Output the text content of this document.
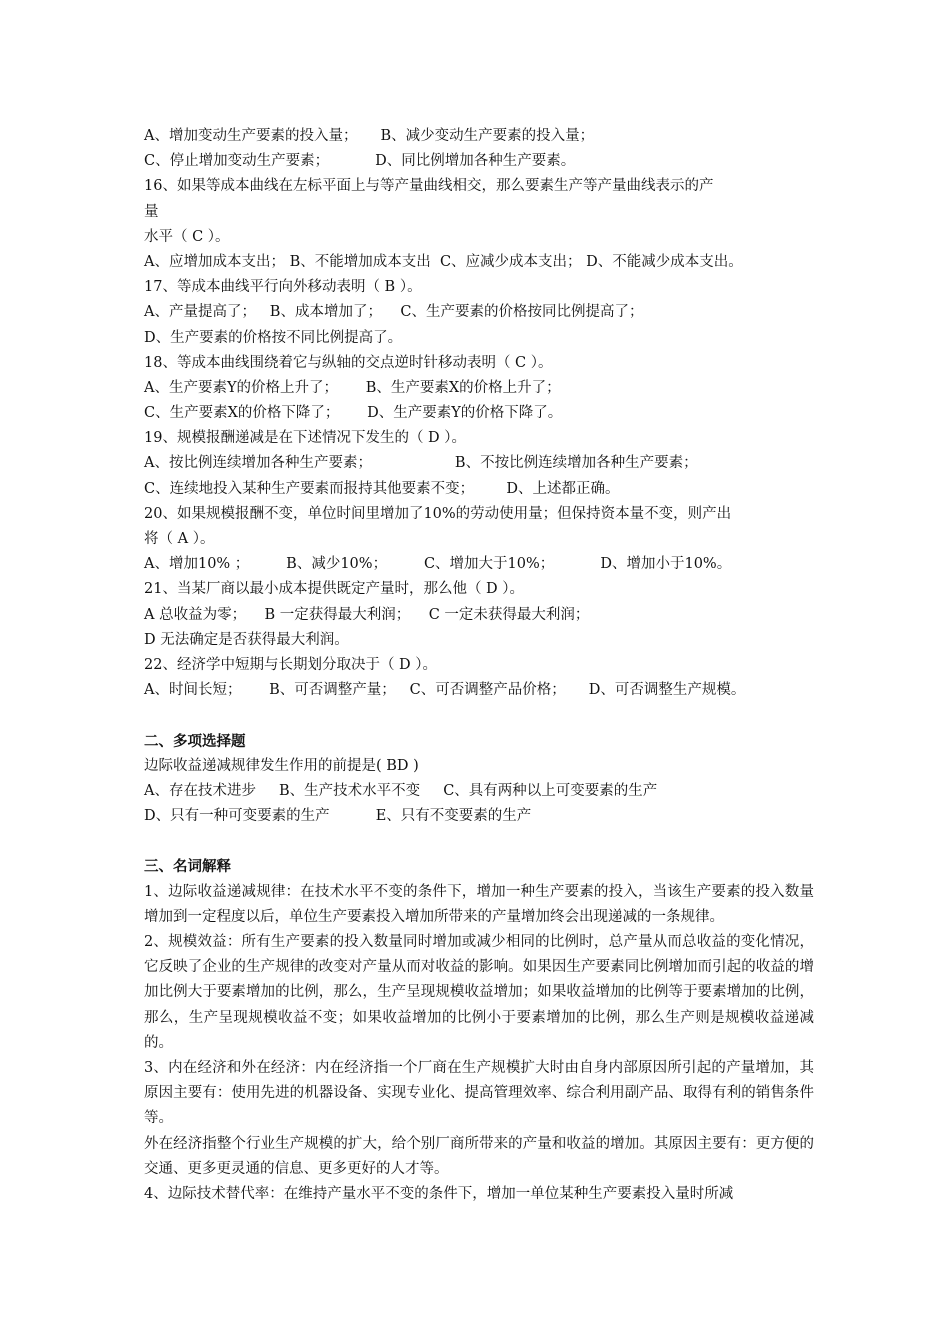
A、增加变动生产要素的投入量；     B、减少变动生产要素的投入量；
C、停止增加变动生产要素；          D、同比例增加各种生产要素。
16、如果等成本曲线在左标平面上与等产量曲线相交，那么要素生产等产量曲线表示的产
量
水平（ C ）。
A、应增加成本支出； B、不能增加成本支出  C、应减少成本支出； D、不能减少成本支出。
17、等成本曲线平行向外移动表明（ B ）。
A、产量提高了；   B、成本增加了；    C、生产要素的价格按同比例提高了；
D、生产要素的价格按不同比例提高了。
18、等成本曲线围绕着它与纵轴的交点逆时针移动表明（ C ）。
A、生产要素Y的价格上升了；      B、生产要素X的价格上升了；
C、生产要素X的价格下降了；      D、生产要素Y的价格下降了。
19、规模报酬递减是在下述情况下发生的（ D ）。
A、按比例连续增加各种生产要素；                  B、不按比例连续增加各种生产要素；
C、连续地投入某种生产要素而报持其他要素不变；       D、上述都正确。
20、如果规模报酬不变，单位时间里增加了10%的劳动使用量；但保持资本量不变，则产出
将（ A ）。
A、增加10% ；        B、减少10%；        C、增加大于10%；          D、增加小于10%。
21、当某厂商以最小成本提供既定产量时，那么他（ D ）。
A 总收益为零；    B 一定获得最大利润；    C 一定未获得最大利润；
D 无法确定是否获得最大利润。
22、经济学中短期与长期划分取决于（ D ）。
A、时间长短；      B、可否调整产量；   C、可否调整产品价格；     D、可否调整生产规模。
二、多项选择题
边际收益递减规律发生作用的前提是( BD )
A、存在技术进步     B、生产技术水平不变     C、具有两种以上可变要素的生产
D、只有一种可变要素的生产          E、只有不变要素的生产
三、名词解释
1、边际收益递减规律：在技术水平不变的条件下，增加一种生产要素的投入，当该生产要素的投入数量增加到一定程度以后，单位生产要素投入增加所带来的产量增加终会出现递减的一条规律。
2、规模效益：所有生产要素的投入数量同时增加或减少相同的比例时，总产量从而总收益的变化情况，它反映了企业的生产规律的改变对产量从而对收益的影响。如果因生产要素同比例增加而引起的收益的增加比例大于要素增加的比例，那么，生产呈现规模收益增加；如果收益增加的比例等于要素增加的比例，那么，生产呈现规模收益不变；如果收益增加的比例小于要素增加的比例，那么生产则是规模收益递减的。
3、内在经济和外在经济：内在经济指一个厂商在生产规模扩大时由自身内部原因所引起的产量增加，其原因主要有：使用先进的机器设备、实现专业化、提高管理效率、综合利用副产品、取得有利的销售条件等。
外在经济指整个行业生产规模的扩大，给个别厂商所带来的产量和收益的增加。其原因主要有：更方便的交通、更多更灵通的信息、更多更好的人才等。
4、边际技术替代率：在维持产量水平不变的条件下，增加一单位某种生产要素投入量时所减
